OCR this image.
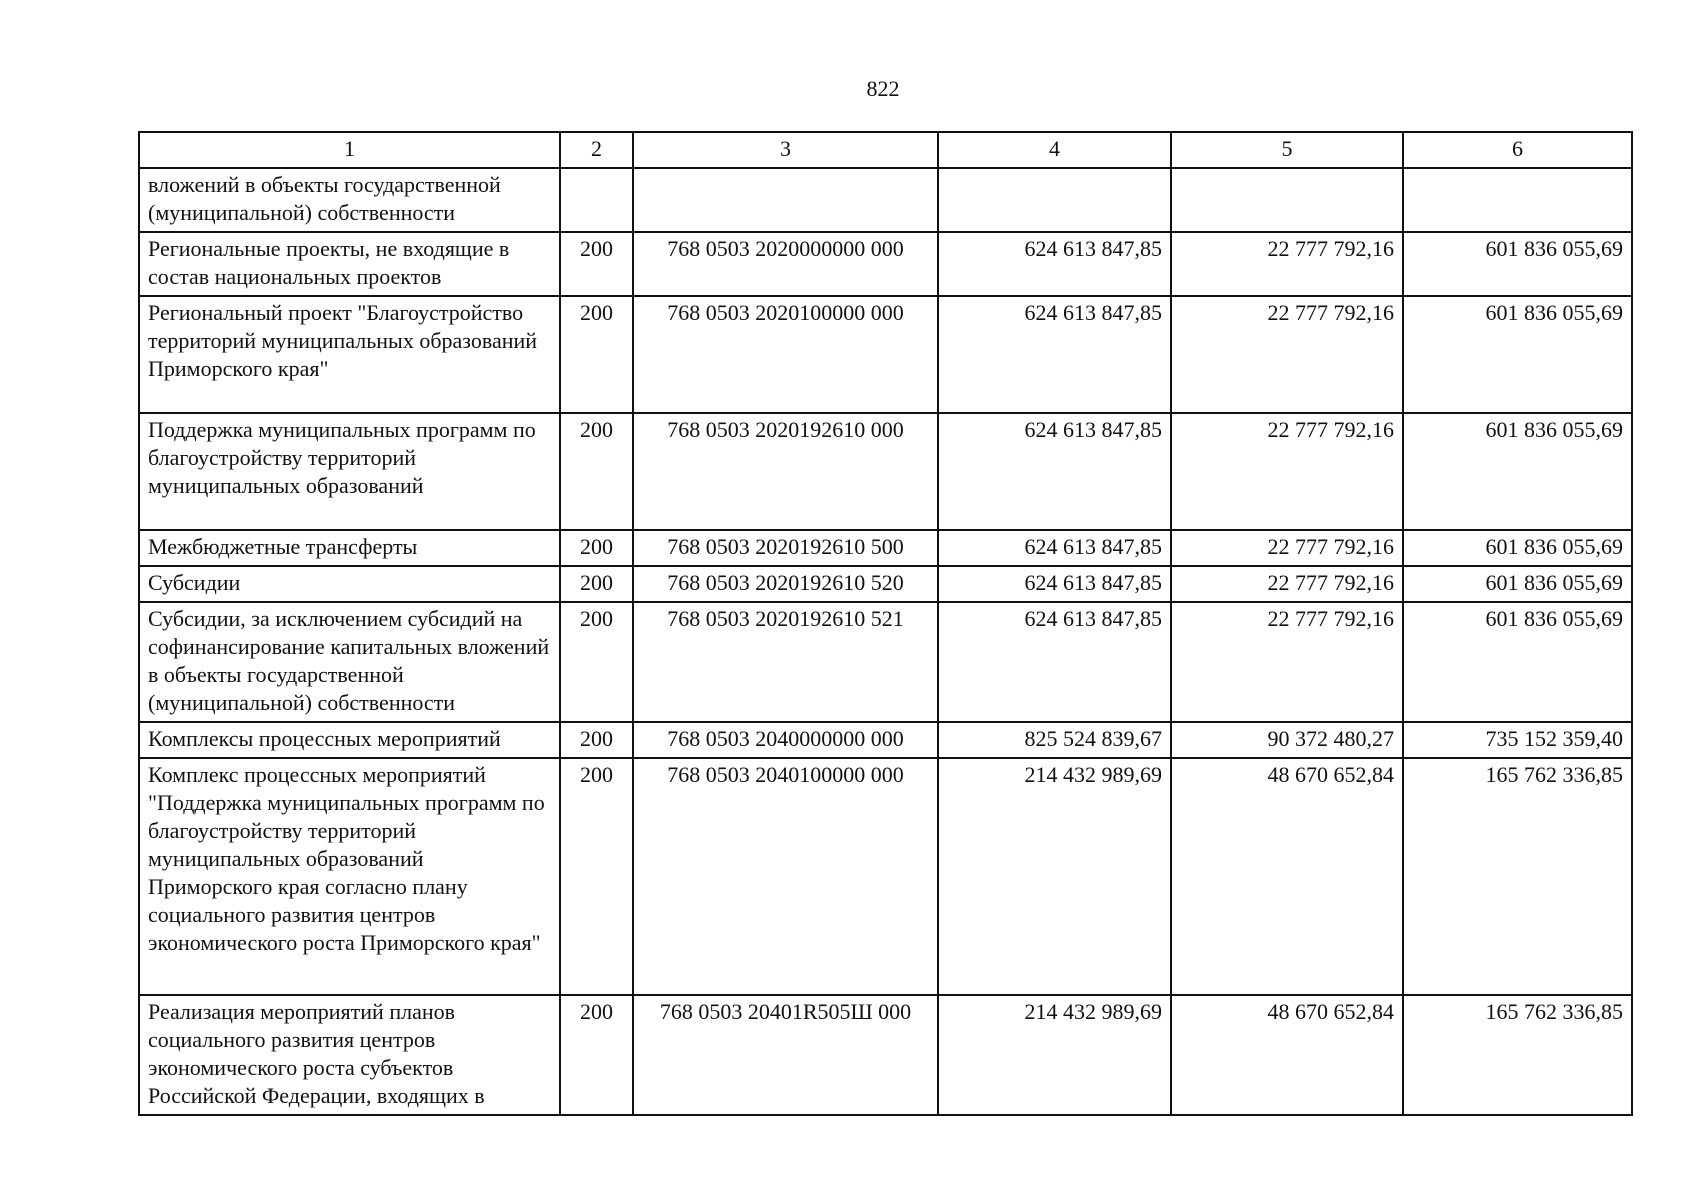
822
1	2	3	4	5	6
вложений в объекты государственной (муниципальной) собственности					
Региональные проекты, не входящие в состав национальных проектов	200	768 0503 2020000000 000	624 613 847,85	22 777 792,16	601 836 055,69
Региональный проект "Благоустройство территорий муниципальных образований Приморского края"	200	768 0503 2020100000 000	624 613 847,85	22 777 792,16	601 836 055,69
Поддержка муниципальных программ по благоустройству территорий муниципальных образований	200	768 0503 2020192610 000	624 613 847,85	22 777 792,16	601 836 055,69
Межбюджетные трансферты	200	768 0503 2020192610 500	624 613 847,85	22 777 792,16	601 836 055,69
Субсидии	200	768 0503 2020192610 520	624 613 847,85	22 777 792,16	601 836 055,69
Субсидии, за исключением субсидий на софинансирование капитальных вложений в объекты государственной (муниципальной) собственности	200	768 0503 2020192610 521	624 613 847,85	22 777 792,16	601 836 055,69
Комплексы процессных мероприятий	200	768 0503 2040000000 000	825 524 839,67	90 372 480,27	735 152 359,40
Комплекс процессных мероприятий "Поддержка муниципальных программ по благоустройству территорий муниципальных образований Приморского края согласно плану социального развития центров экономического роста Приморского края"	200	768 0503 2040100000 000	214 432 989,69	48 670 652,84	165 762 336,85
Реализация мероприятий планов социального развития центров экономического роста субъектов Российской Федерации, входящих в	200	768 0503 20401R505Ш 000	214 432 989,69	48 670 652,84	165 762 336,85
